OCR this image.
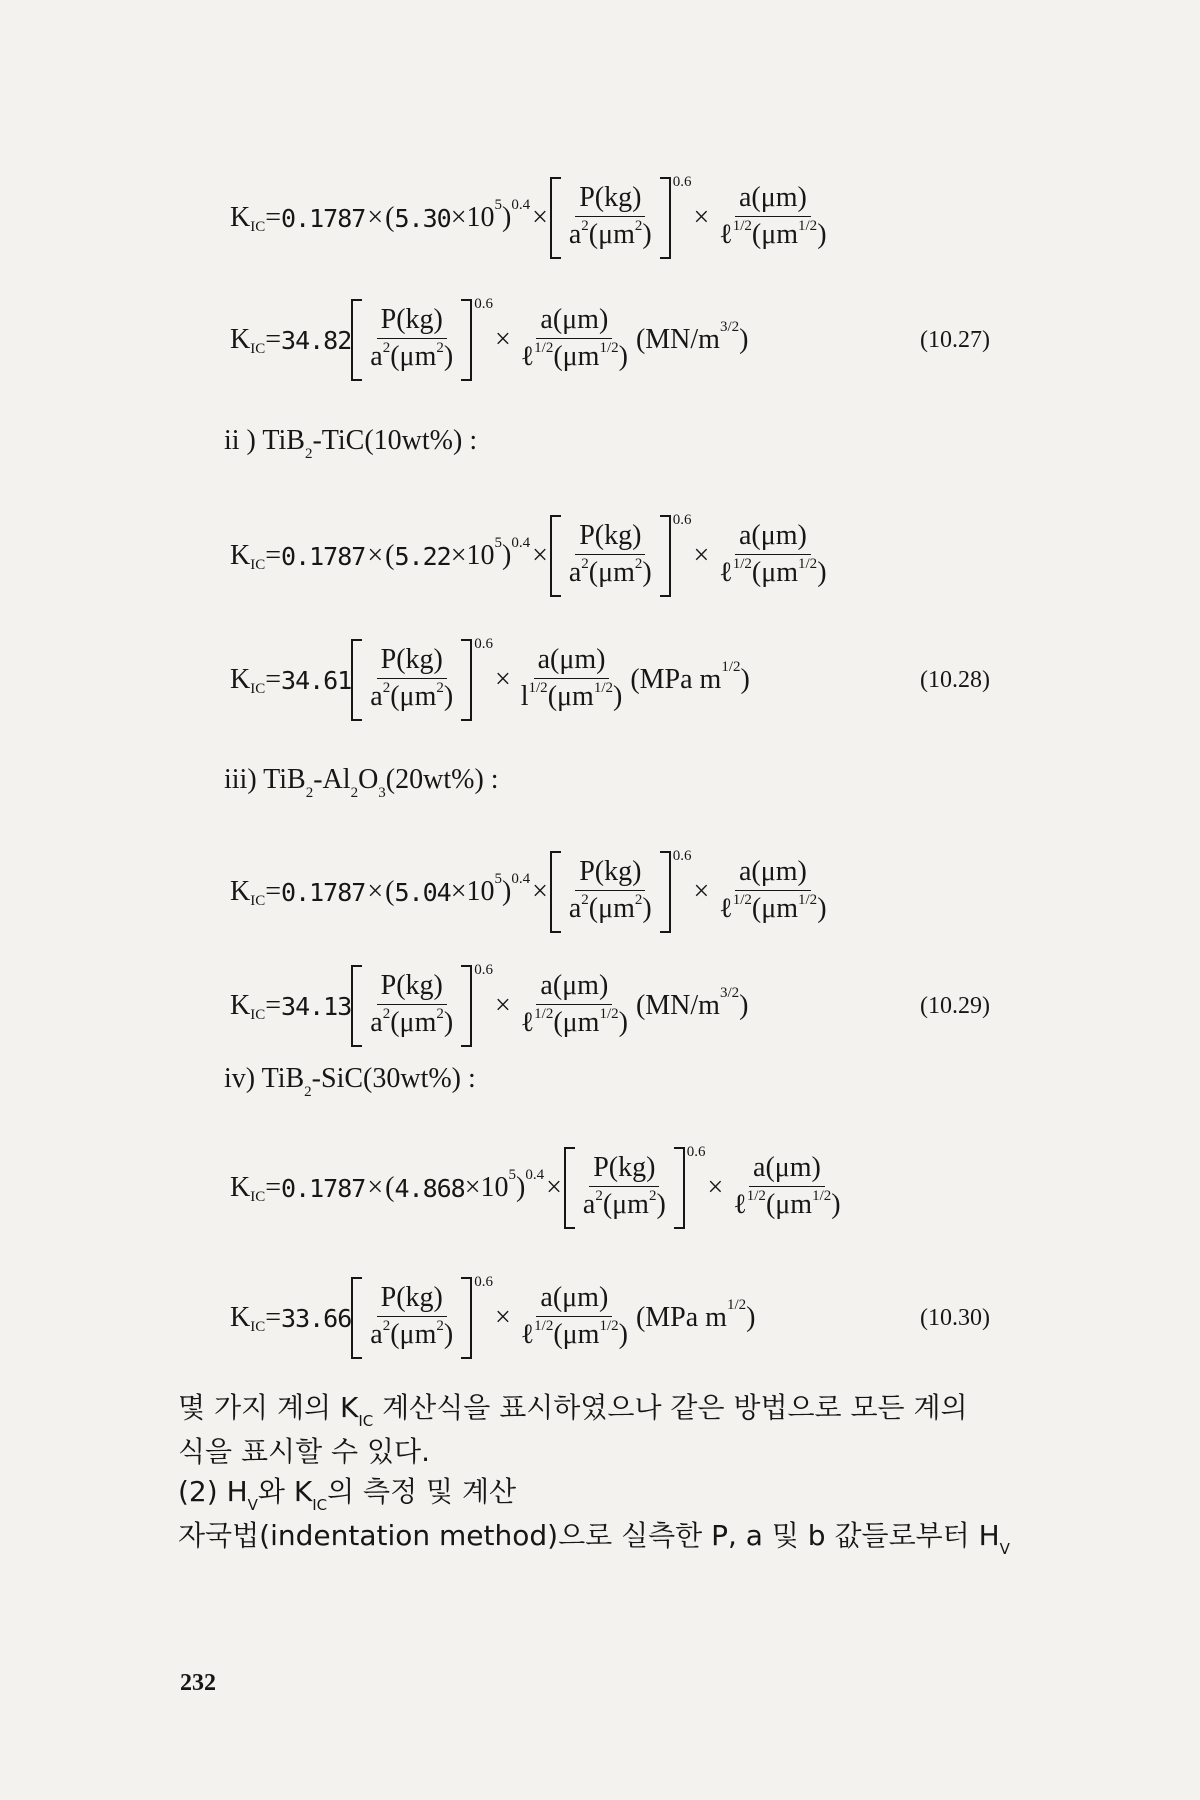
K IC = 0.1787 × ( 5.30 × 10 5 ) $0.4 \times \frac{P(kg)}{a^2(\mu m^2)} 0.6$
× $\frac{a(\mu m)}{\ell^{1/2}(\mu m^{1/2})}$
K IC = $34.82 \frac{P(kg)}{a^2(\mu m^2)} 0.6$
× $\frac{a(\mu m)}{\ell^{1/2}(\mu m^{1/2})} (MN/m$ 3/2 )	(10.27)
ii ) TiB$_2$-TiC(10wt%) :
K IC = 0.1787 × ( 5.22 × 10 5 ) $0.4 \times \frac{P(kg)}{a^2(\mu m^2)} 0.6$
× $\frac{a(\mu m)}{\ell^{1/2}(\mu m^{1/2})}$
K IC = $34.61 \frac{P(kg)}{a^2(\mu m^2)} 0.6$
× $\frac{a(\mu m)}{l^{1/2}(\mu m^{1/2})} (MPa$ m 1/2 )	(10.28)
iii) $TiB_2-Al_2O_3(20wt\%)$ :
K IC = 0.1787 × ( 5.04 × 10 5 ) $0.4 \times \frac{P(kg)}{a^2(\mu m^2)} 0.6$
× $\frac{a(\mu m)}{\ell^{1/2}(\mu m^{1/2})}$
K IC = $34.13 \frac{P(kg)}{a^2(\mu m^2)} 0.6$
× $\frac{a(\mu m)}{\ell^{1/2}(\mu m^{1/2})} (MN/m$ 3/2 )	(10.29)
iv) TiB$_2$-SiC(30wt%) :
K IC = 0.1787 × ( 4.868 × 10 5 ) $0.4 \times \frac{P(kg)}{a^2(\mu m^2)} 0.6$
× $\frac{a(\mu m)}{\ell^{1/2}(\mu m^{1/2})}$
K IC = $33.66 \frac{P(kg)}{a^2(\mu m^2)} 0.6$
× $\frac{a(\mu m)}{\ell^{1/2}(\mu m^{1/2})} (MPa$ m 1/2 )	(10.30)
몇 가지 계의 $K_{IC}$ 계산식을 표시하였으나 같은 방법으로 모든 계의
식을 표시할 수 있다.
(2) $H_V$와 $K_{IC}$의 측정 및 계산
자국법(indentation method)으로 실측한 P, a 및 b 값들로부터 $H_V$
232
